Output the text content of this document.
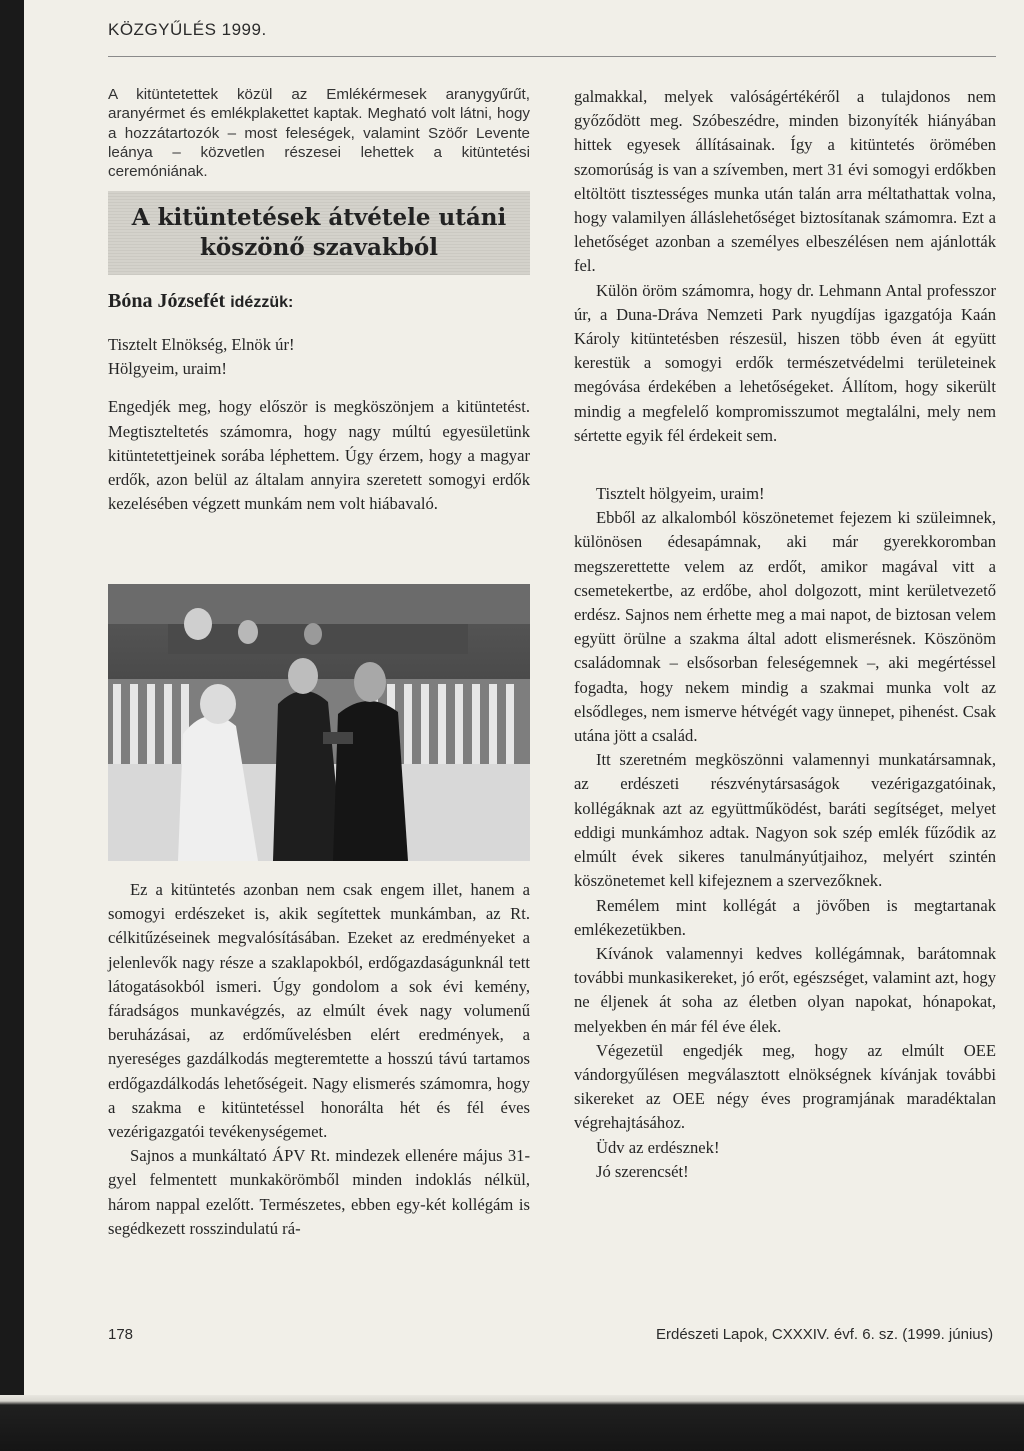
KÖZGYŰLÉS 1999.

A kitüntetettek közül az Emlékérmesek aranygyűrűt, aranyérmet és emlékplakettet kaptak. Megható volt látni, hogy a hozzátartozók – most feleségek, valamint Szöőr Levente leánya – közvetlen részesei lehettek a kitüntetési ceremóniának.

A kitüntetések átvétele utáni
köszönő szavakból
Bóna Józsefét idézzük:

Tisztelt Elnökség, Elnök úr!

Hölgyeim, uraim!

Engedjék meg, hogy először is megköszönjem a kitüntetést. Megtiszteltetés számomra, hogy nagy múltú egyesületünk kitüntetettjeinek sorába léphettem. Úgy érzem, hogy a magyar erdők, azon belül az általam annyira szeretett somogyi erdők kezelésében végzett munkám nem volt hiábavaló.

Ez a kitüntetés azonban nem csak engem illet, hanem a somogyi erdészeket is, akik segítettek munkámban, az Rt. célkitűzéseinek megvalósításában. Ezeket az eredményeket a jelenlevők nagy része a szaklapokból, erdőgazdaságunknál tett látogatásokból ismeri. Úgy gondolom a sok évi kemény, fáradságos munkavégzés, az elmúlt évek nagy volumenű beruházásai, az erdőművelésben elért eredmények, a nyereséges gazdálkodás megteremtette a hosszú távú tartamos erdőgazdálkodás lehetőségeit. Nagy elismerés számomra, hogy a szakma e kitüntetéssel honorálta hét és fél éves vezérigazgatói tevékenységemet.

Sajnos a munkáltató ÁPV Rt. mindezek ellenére május 31-gyel felmentett munkakörömből minden indoklás nélkül, három nappal ezelőtt. Természetes, ebben egy-két kollégám is segédkezett rosszindulatú rá-

galmakkal, melyek valóságértékéről a tulajdonos nem győződött meg. Szóbeszédre, minden bizonyíték hiányában hittek egyesek állításainak. Így a kitüntetés örömében szomorúság is van a szívemben, mert 31 évi somogyi erdőkben eltöltött tisztességes munka után talán arra méltathattak volna, hogy valamilyen álláslehetőséget biztosítanak számomra. Ezt a lehetőséget azonban a személyes elbeszélésen nem ajánlották fel.

Külön öröm számomra, hogy dr. Lehmann Antal professzor úr, a Duna-Dráva Nemzeti Park nyugdíjas igazgatója Kaán Károly kitüntetésben részesül, hiszen több éven át együtt kerestük a somogyi erdők természetvédelmi területeinek megóvása érdekében a lehetőségeket. Állítom, hogy sikerült mindig a megfelelő kompromisszumot megtalálni, mely nem sértette egyik fél érdekeit sem.

Tisztelt hölgyeim, uraim!

Ebből az alkalomból köszönetemet fejezem ki szüleimnek, különösen édesapámnak, aki már gyerekkoromban megszerettette velem az erdőt, amikor magával vitt a csemetekertbe, az erdőbe, ahol dolgozott, mint kerületvezető erdész. Sajnos nem érhette meg a mai napot, de biztosan velem együtt örülne a szakma által adott elismerésnek. Köszönöm családomnak – elsősorban feleségemnek –, aki megértéssel fogadta, hogy nekem mindig a szakmai munka volt az elsődleges, nem ismerve hétvégét vagy ünnepet, pihenést. Csak utána jött a család.

Itt szeretném megköszönni valamennyi munkatársamnak, az erdészeti részvénytársaságok vezérigazgatóinak, kollégáknak azt az együttműködést, baráti segítséget, melyet eddigi munkámhoz adtak. Nagyon sok szép emlék fűződik az elmúlt évek sikeres tanulmányútjaihoz, melyért szintén köszönetemet kell kifejeznem a szervezőknek.

Remélem mint kollégát a jövőben is megtartanak emlékezetükben.

Kívánok valamennyi kedves kollégámnak, barátomnak további munkasikereket, jó erőt, egészséget, valamint azt, hogy ne éljenek át soha az életben olyan napokat, hónapokat, melyekben én már fél éve élek.

Végezetül engedjék meg, hogy az elmúlt OEE vándorgyűlésen megválasztott elnökségnek kívánjak további sikereket az OEE négy éves programjának maradéktalan végrehajtásához.

Üdv az erdésznek!

Jó szerencsét!

178	Erdészeti Lapok, CXXXIV. évf. 6. sz. (1999. június)
